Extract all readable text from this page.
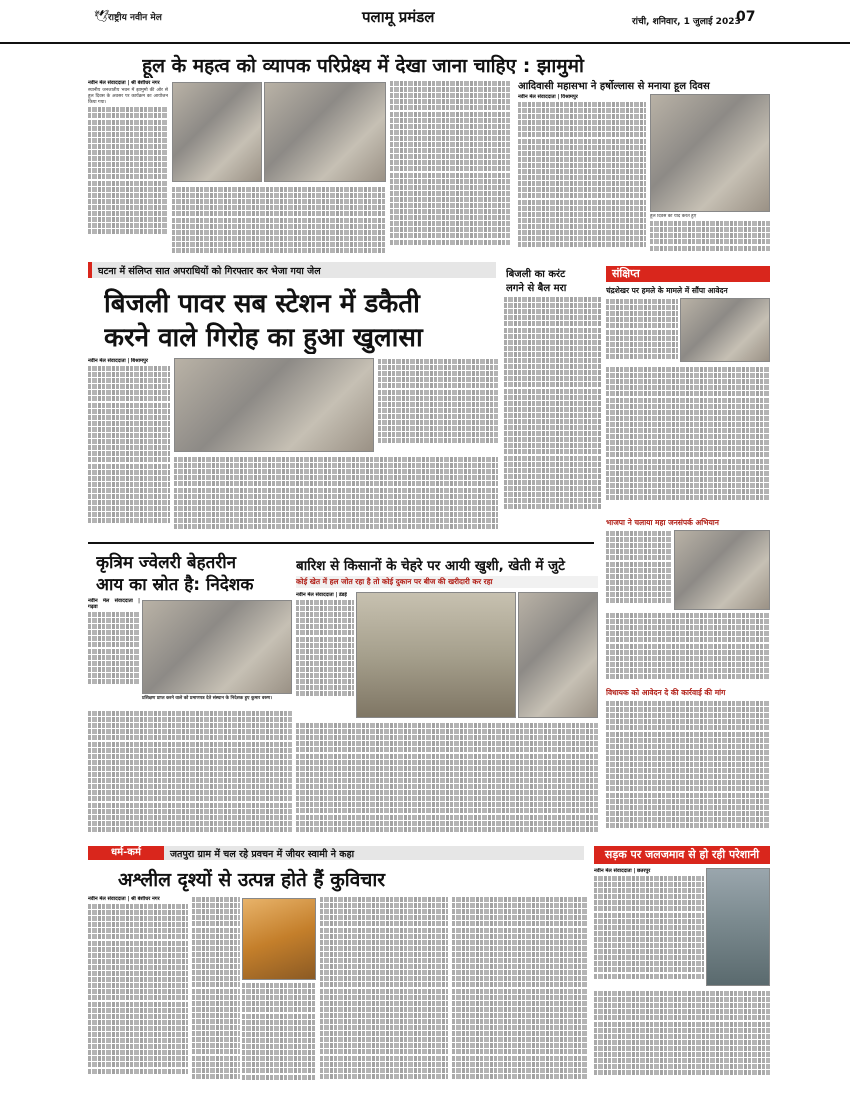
🕊
राष्ट्रीय नवीन मेल	पलामू प्रमंडल	रांची, शनिवार, 1 जुलाई 2023
07
हूल के महत्व को व्यापक परिप्रेक्ष्य में देखा जाना चाहिए : झामुमो
नवीन मेल संवाददाता | श्री बंशीधर नगर
स्थानीय जनजातीय भवन में झामुमो की ओर से हूल दिवस के अवसर पर कार्यक्रम का आयोजन किया गया।
आदिवासी महासभा ने हर्षोल्लास से मनाया हूल दिवस
नवीन मेल संवाददाता | विश्रामपुर
हूल दिवस को याद करते हुए
घटना में संलिप्त सात अपराधियों को गिरफ्तार कर भेजा गया जेल
बिजली पावर सब स्टेशन में डकैती
करने वाले गिरोह का हुआ खुलासा
नवीन मेल संवाददाता | बिश्रामपुर
बिजली का करंट
लगने से बैल मरा
संक्षिप्त
चंद्रशेखर पर हमले के मामले में सौंपा आवेदन
भाजपा ने चलाया महा जनसंपर्क अभियान
विधायक को आवेदन दे की कार्रवाई की मांग
कृत्रिम ज्वेलरी बेहतरीन
आय का स्रोत है: निदेशक
नवीन मेल संवाददाता | गढ़वा
प्रशिक्षण प्राप्त करने वाले को प्रमाणपत्र देते संस्थान के निदेशक हुए कुमार वरुण।
बारिश से किसानों के चेहरे पर आयी खुशी, खेती में जुटे
कोई खेत में हल जोत रहा है तो कोई दुकान पर बीज की खरीदारी कर रहा
नवीन मेल संवाददाता | डंडई
धर्म-कर्म	जतपुरा ग्राम में चल रहे प्रवचन में जीयर स्वामी ने कहा
अश्लील दृश्यों से उत्पन्न होते हैं कुविचार
नवीन मेल संवाददाता | श्री बंशीधर नगर
सड़क पर जलजमाव से हो रही परेशानी
नवीन मेल संवाददाता | छतरपुर
